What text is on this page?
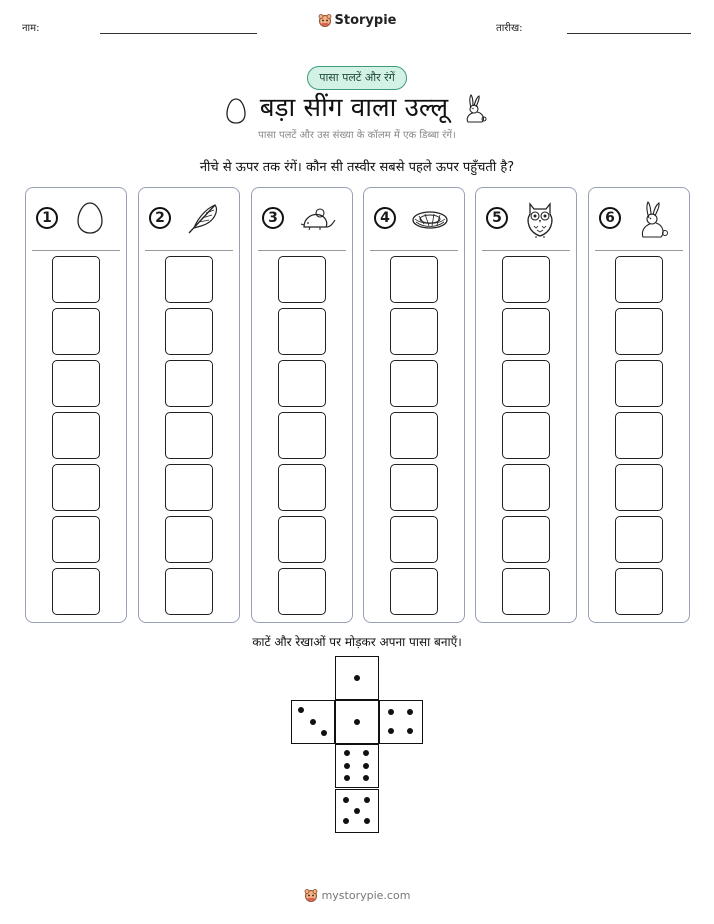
नाम:
Storypie
तारीख:
पासा पलटें और रंगें
बड़ा सींग वाला उल्लू
पासा पलटें और उस संख्या के कॉलम में एक डिब्बा रंगें।
नीचे से ऊपर तक रंगें। कौन सी तस्वीर सबसे पहले ऊपर पहुँचती है?
1	2	3	4	5	6
काटें और रेखाओं पर मोड़कर अपना पासा बनाएँ।
mystorypie.com
